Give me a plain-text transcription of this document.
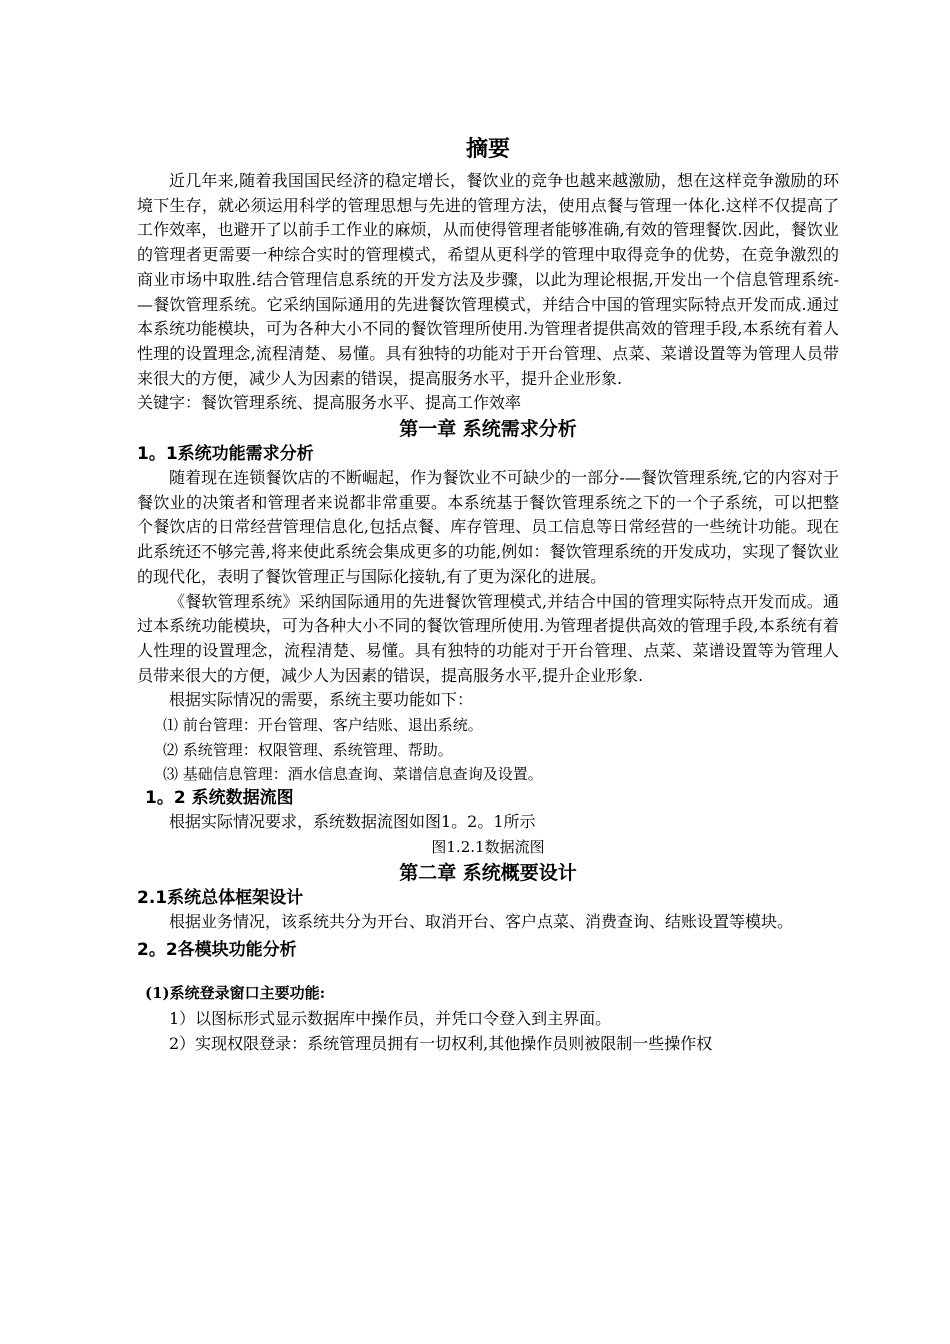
摘要

近几年来,随着我国国民经济的稳定增长，餐饮业的竞争也越来越激励，想在这样竞争激励的环境下生存，就必须运用科学的管理思想与先进的管理方法，使用点餐与管理一体化.这样不仅提高了工作效率，也避开了以前手工作业的麻烦，从而使得管理者能够准确,有效的管理餐饮.因此，餐饮业的管理者更需要一种综合实时的管理模式，希望从更科学的管理中取得竞争的优势，在竞争激烈的商业市场中取胜.结合管理信息系统的开发方法及步骤，以此为理论根据,开发出一个信息管理系统-—餐饮管理系统。它采纳国际通用的先进餐饮管理模式，并结合中国的管理实际特点开发而成.通过本系统功能模块，可为各种大小不同的餐饮管理所使用.为管理者提供高效的管理手段,本系统有着人性理的设置理念,流程清楚、易懂。具有独特的功能对于开台管理、点菜、菜谱设置等为管理人员带来很大的方便，减少人为因素的错误，提高服务水平，提升企业形象.

关键字：餐饮管理系统、提高服务水平、提高工作效率

第一章 系统需求分析
1。1系统功能需求分析

随着现在连锁餐饮店的不断崛起，作为餐饮业不可缺少的一部分-—餐饮管理系统,它的内容对于餐饮业的决策者和管理者来说都非常重要。本系统基于餐饮管理系统之下的一个子系统，可以把整个餐饮店的日常经营管理信息化,包括点餐、库存管理、员工信息等日常经营的一些统计功能。现在此系统还不够完善,将来使此系统会集成更多的功能,例如：餐饮管理系统的开发成功，实现了餐饮业的现代化，表明了餐饮管理正与国际化接轨,有了更为深化的进展。

《餐软管理系统》采纳国际通用的先进餐饮管理模式,并结合中国的管理实际特点开发而成。通过本系统功能模块，可为各种大小不同的餐饮管理所使用.为管理者提供高效的管理手段,本系统有着人性理的设置理念，流程清楚、易懂。具有独特的功能对于开台管理、点菜、菜谱设置等为管理人员带来很大的方便，减少人为因素的错误，提高服务水平,提升企业形象.

根据实际情况的需要，系统主要功能如下：

⑴ 前台管理：开台管理、客户结账、退出系统。

⑵ 系统管理：权限管理、系统管理、帮助。

⑶ 基础信息管理：酒水信息查询、菜谱信息查询及设置。

1。2 系统数据流图

根据实际情况要求，系统数据流图如图1。2。1所示

图1.2.1数据流图

第二章 系统概要设计
2.1系统总体框架设计

根据业务情况，该系统共分为开台、取消开台、客户点菜、消费查询、结账设置等模块。

2。2各模块功能分析

(1)系统登录窗口主要功能:

1）以图标形式显示数据库中操作员，并凭口令登入到主界面。

2）实现权限登录：系统管理员拥有一切权利,其他操作员则被限制一些操作权
